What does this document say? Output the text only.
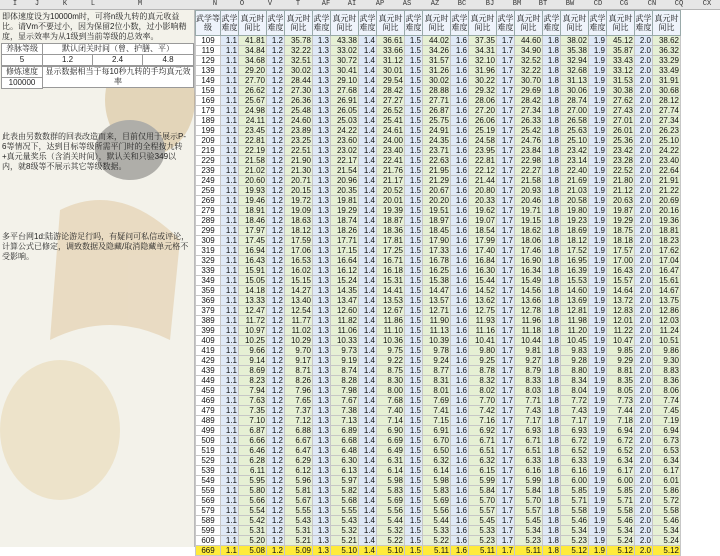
I	J	K	L	M	N	O	V	T	AF	AI	AP	AS	AZ	BC	BJ	BM	BT	BW	CD	CG	CN	CQ	CX
即体速度设为10000m时，可将n级九转的真元收益比。请Vm不要过小，因为保留2位小数，过小影响精度，显示效率为从1级到当前等级的总效率。
养脉等级	默认闭关时间（曾、护膳、平）
5	1.2	2.4	4.8
修炼速度 显示数据相当于每10秒九转的手均真元效率
100000
此表由另数数群的回表改造而来，目前仅用于展示P-6等情况下，达到目标等级所需平门时的全程按九转+真元量奖乐（含消关时间），默认关和只验349以内，就8级等不展示其它等级数据。
多平台网1d:陆游论游足行吗，有疑问可私信或评论，计算公式已修定，调致数据及隐藏/取消隐藏单元格不受影响。
武学等级	武学难度	真元时间比	武学难度	真元时间比	武学难度	真元时间比	武学难度	真元时间比	武学难度	真元时间比	武学难度	真元时间比	武学难度	真元时间比	武学难度	真元时间比	武学难度	真元时间比	武学难度	真元时间比
109	1.1	41.81	1.2	35.78	1.3	43.38	1.4	36.61	1.5	44.02	1.6	37.35	1.7	44.60	1.8	38.02	1.9	45.12	2.0	38.62
119	1.1	34.84	1.2	32.22	1.3	33.02	1.4	33.66	1.5	34.26	1.6	34.31	1.7	34.90	1.8	35.38	1.9	35.87	2.0	36.32
129	1.1	34.68	1.2	32.51	1.3	30.72	1.4	31.12	1.5	31.57	1.6	32.10	1.7	32.52	1.8	32.94	1.9	33.43	2.0	33.29
139	1.1	29.20	1.2	30.02	1.3	30.41	1.4	30.01	1.5	31.26	1.6	31.96	1.7	32.22	1.8	32.68	1.9	33.12	2.0	33.49
149	1.1	27.70	1.2	28.44	1.3	29.10	1.4	29.54	1.5	30.02	1.6	30.22	1.7	30.70	1.8	31.13	1.9	31.53	2.0	31.91
159	1.1	26.62	1.2	27.30	1.3	27.68	1.4	28.42	1.5	28.88	1.6	29.32	1.7	29.69	1.8	30.06	1.9	30.38	2.0	30.68
169	1.1	25.67	1.2	26.36	1.3	26.91	1.4	27.27	1.5	27.71	1.6	28.06	1.7	28.42	1.8	28.74	1.9	27.62	2.0	28.12
179	1.1	24.98	1.2	25.48	1.3	26.05	1.4	26.52	1.5	26.87	1.6	27.20	1.7	27.34	1.8	27.00	1.9	27.43	2.0	27.74
189	1.1	24.11	1.2	24.60	1.3	25.03	1.4	25.41	1.5	25.75	1.6	26.06	1.7	26.33	1.8	26.58	1.9	27.01	2.0	27.34
199	1.1	23.45	1.2	23.89	1.3	24.22	1.4	24.61	1.5	24.91	1.6	25.19	1.7	25.42	1.8	25.63	1.9	26.01	2.0	26.23
209	1.1	22.81	1.2	23.25	1.3	23.60	1.4	24.00	1.5	24.35	1.6	24.58	1.7	24.76	1.8	25.10	1.9	25.36	2.0	25.10
219	1.1	22.19	1.2	22.51	1.3	23.02	1.4	23.40	1.5	23.71	1.6	23.95	1.7	23.84	1.8	23.42	1.9	23.42	2.0	24.22
229	1.1	21.58	1.2	21.90	1.3	22.17	1.4	22.41	1.5	22.63	1.6	22.81	1.7	22.98	1.8	23.14	1.9	23.28	2.0	23.40
239	1.1	21.02	1.2	21.30	1.3	21.54	1.4	21.76	1.5	21.95	1.6	22.12	1.7	22.27	1.8	22.40	1.9	22.52	2.0	22.64
249	1.1	20.60	1.2	20.71	1.3	20.96	1.4	21.17	1.5	21.29	1.6	21.44	1.7	21.58	1.8	21.69	1.9	21.80	2.0	21.91
259	1.1	19.93	1.2	20.15	1.3	20.35	1.4	20.52	1.5	20.67	1.6	20.80	1.7	20.93	1.8	21.03	1.9	21.12	2.0	21.22
269	1.1	19.46	1.2	19.72	1.3	19.81	1.4	20.01	1.5	20.20	1.6	20.33	1.7	20.46	1.8	20.58	1.9	20.63	2.0	20.69
279	1.1	18.91	1.2	19.09	1.3	19.29	1.4	19.39	1.5	19.51	1.6	19.62	1.7	19.71	1.8	19.80	1.9	19.87	2.0	20.16
289	1.1	18.46	1.2	18.63	1.3	18.74	1.4	18.87	1.5	18.97	1.6	19.07	1.7	19.15	1.8	19.23	1.9	19.29	2.0	19.36
299	1.1	17.97	1.2	18.12	1.3	18.26	1.4	18.36	1.5	18.45	1.6	18.54	1.7	18.62	1.8	18.69	1.9	18.75	2.0	18.81
309	1.1	17.45	1.2	17.59	1.3	17.71	1.4	17.81	1.5	17.90	1.6	17.99	1.7	18.06	1.8	18.12	1.9	18.18	2.0	18.23
319	1.1	16.94	1.2	17.06	1.3	17.15	1.4	17.25	1.5	17.33	1.6	17.40	1.7	17.46	1.8	17.52	1.9	17.57	2.0	17.62
329	1.1	16.43	1.2	16.53	1.3	16.64	1.4	16.71	1.5	16.78	1.6	16.84	1.7	16.90	1.8	16.95	1.9	17.00	2.0	17.04
339	1.1	15.91	1.2	16.02	1.3	16.12	1.4	16.18	1.5	16.25	1.6	16.30	1.7	16.34	1.8	16.39	1.9	16.43	2.0	16.47
349	1.1	15.05	1.2	15.15	1.3	15.24	1.4	15.31	1.5	15.38	1.6	15.44	1.7	15.49	1.8	15.53	1.9	15.57	2.0	15.61
359	1.1	14.18	1.2	14.27	1.3	14.35	1.4	14.41	1.5	14.47	1.6	14.52	1.7	14.56	1.8	14.60	1.9	14.64	2.0	14.67
369	1.1	13.33	1.2	13.40	1.3	13.47	1.4	13.53	1.5	13.57	1.6	13.62	1.7	13.66	1.8	13.69	1.9	13.72	2.0	13.75
379	1.1	12.47	1.2	12.54	1.3	12.60	1.4	12.67	1.5	12.71	1.6	12.75	1.7	12.78	1.8	12.81	1.9	12.83	2.0	12.86
389	1.1	11.72	1.2	11.77	1.3	11.82	1.4	11.86	1.5	11.90	1.6	11.93	1.7	11.96	1.8	11.98	1.9	12.01	2.0	12.03
399	1.1	10.97	1.2	11.02	1.3	11.06	1.4	11.10	1.5	11.13	1.6	11.16	1.7	11.18	1.8	11.20	1.9	11.22	2.0	11.24
409	1.1	10.25	1.2	10.29	1.3	10.33	1.4	10.36	1.5	10.39	1.6	10.41	1.7	10.44	1.8	10.45	1.9	10.47	2.0	10.51
419	1.1	9.66	1.2	9.70	1.3	9.73	1.4	9.75	1.5	9.78	1.6	9.80	1.7	9.81	1.8	9.83	1.9	9.85	2.0	9.86
429	1.1	9.14	1.2	9.17	1.3	9.19	1.4	9.22	1.5	9.24	1.6	9.25	1.7	9.27	1.8	9.28	1.9	9.29	2.0	9.30
439	1.1	8.69	1.2	8.71	1.3	8.74	1.4	8.75	1.5	8.77	1.6	8.78	1.7	8.79	1.8	8.80	1.9	8.81	2.0	8.83
449	1.1	8.23	1.2	8.26	1.3	8.28	1.4	8.30	1.5	8.31	1.6	8.32	1.7	8.33	1.8	8.34	1.9	8.35	2.0	8.36
459	1.1	7.94	1.2	7.96	1.3	7.98	1.4	8.00	1.5	8.01	1.6	8.02	1.7	8.03	1.8	8.04	1.9	8.05	2.0	8.06
469	1.1	7.63	1.2	7.65	1.3	7.67	1.4	7.68	1.5	7.69	1.6	7.70	1.7	7.71	1.8	7.72	1.9	7.73	2.0	7.74
479	1.1	7.35	1.2	7.37	1.3	7.38	1.4	7.40	1.5	7.41	1.6	7.42	1.7	7.43	1.8	7.43	1.9	7.44	2.0	7.45
489	1.1	7.10	1.2	7.12	1.3	7.13	1.4	7.14	1.5	7.15	1.6	7.16	1.7	7.17	1.8	7.17	1.9	7.18	2.0	7.19
499	1.1	6.87	1.2	6.88	1.3	6.89	1.4	6.90	1.5	6.91	1.6	6.92	1.7	6.93	1.8	6.93	1.9	6.94	2.0	6.94
509	1.1	6.66	1.2	6.67	1.3	6.68	1.4	6.69	1.5	6.70	1.6	6.71	1.7	6.71	1.8	6.72	1.9	6.72	2.0	6.73
519	1.1	6.46	1.2	6.47	1.3	6.48	1.4	6.49	1.5	6.50	1.6	6.51	1.7	6.51	1.8	6.52	1.9	6.52	2.0	6.53
529	1.1	6.28	1.2	6.29	1.3	6.30	1.4	6.31	1.5	6.32	1.6	6.32	1.7	6.33	1.8	6.33	1.9	6.34	2.0	6.34
539	1.1	6.11	1.2	6.12	1.3	6.13	1.4	6.14	1.5	6.14	1.6	6.15	1.7	6.16	1.8	6.16	1.9	6.17	2.0	6.17
549	1.1	5.95	1.2	5.96	1.3	5.97	1.4	5.98	1.5	5.98	1.6	5.99	1.7	5.99	1.8	6.00	1.9	6.00	2.0	6.01
559	1.1	5.80	1.2	5.81	1.3	5.82	1.4	5.83	1.5	5.83	1.6	5.84	1.7	5.84	1.8	5.85	1.9	5.85	2.0	5.86
569	1.1	5.66	1.2	5.67	1.3	5.68	1.4	5.69	1.5	5.69	1.6	5.70	1.7	5.70	1.8	5.71	1.9	5.71	2.0	5.72
579	1.1	5.54	1.2	5.55	1.3	5.55	1.4	5.56	1.5	5.56	1.6	5.57	1.7	5.57	1.8	5.58	1.9	5.58	2.0	5.58
589	1.1	5.42	1.2	5.43	1.3	5.43	1.4	5.44	1.5	5.44	1.6	5.45	1.7	5.45	1.8	5.46	1.9	5.46	2.0	5.46
599	1.1	5.31	1.2	5.31	1.3	5.32	1.4	5.32	1.5	5.33	1.6	5.33	1.7	5.34	1.8	5.34	1.9	5.34	2.0	5.34
609	1.1	5.20	1.2	5.21	1.3	5.21	1.4	5.22	1.5	5.22	1.6	5.23	1.7	5.23	1.8	5.23	1.9	5.24	2.0	5.24
669	1.1	5.08	1.2	5.09	1.3	5.10	1.4	5.10	1.5	5.11	1.6	5.11	1.7	5.11	1.8	5.12	1.9	5.12	2.0	5.12
